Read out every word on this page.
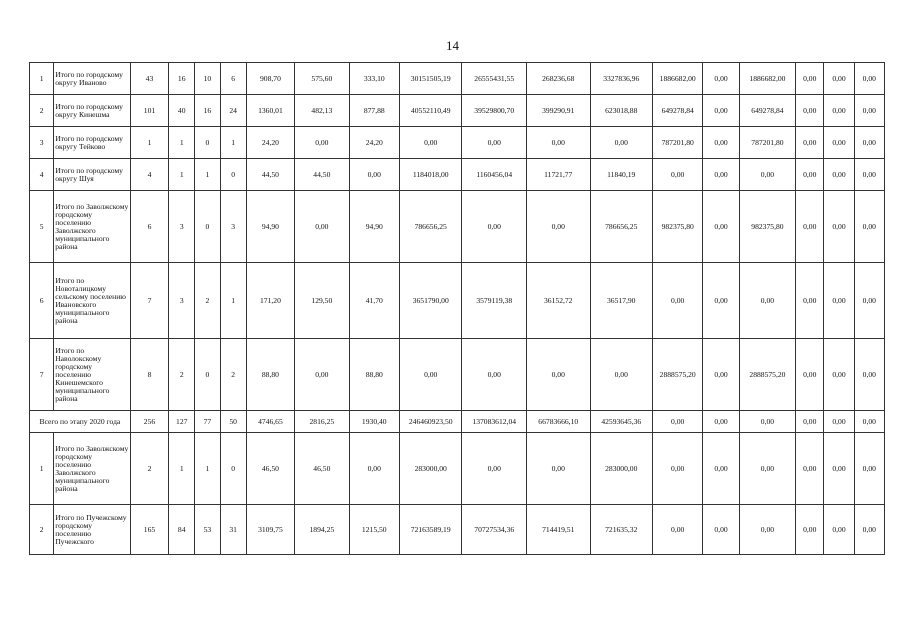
14
1	Итого по городскому округу Иваново	43	16	10	6	908,70	575,60	333,10	30151505,19	26555431,55	268236,68	3327836,96	1886682,00	0,00	1886682,00	0,00	0,00	0,00
2	Итого по городскому округу Кинешма	101	40	16	24	1360,01	482,13	877,88	40552110,49	39529800,70	399290,91	623018,88	649278,84	0,00	649278,84	0,00	0,00	0,00
3	Итого по городскому округу Тейково	1	1	0	1	24,20	0,00	24,20	0,00	0,00	0,00	0,00	787201,80	0,00	787201,80	0,00	0,00	0,00
4	Итого по городскому округу Шуя	4	1	1	0	44,50	44,50	0,00	1184018,00	1160456,04	11721,77	11840,19	0,00	0,00	0,00	0,00	0,00	0,00
5	Итого по Заволжскому городскому поселению Заволжского муниципального района	6	3	0	3	94,90	0,00	94,90	786656,25	0,00	0,00	786656,25	982375,80	0,00	982375,80	0,00	0,00	0,00
6	Итого по Новоталицкому сельскому поселению Ивановского муниципального района	7	3	2	1	171,20	129,50	41,70	3651790,00	3579119,38	36152,72	36517,90	0,00	0,00	0,00	0,00	0,00	0,00
7	Итого по Наволокскому городскому поселению Кинешемского муниципального района	8	2	0	2	88,80	0,00	88,80	0,00	0,00	0,00	0,00	2888575,20	0,00	2888575,20	0,00	0,00	0,00
Всего по этапу 2020 года		256	127	77	50	4746,65	2816,25	1930,40	246460923,50	137083612,04	66783666,10	42593645,36	0,00	0,00	0,00	0,00	0,00	0,00
1	Итого по Заволжскому городскому поселению Заволжского муниципального района	2	1	1	0	46,50	46,50	0,00	283000,00	0,00	0,00	283000,00	0,00	0,00	0,00	0,00	0,00	0,00
2	Итого по Пучежскому городскому поселению Пучежского	165	84	53	31	3109,75	1894,25	1215,50	72163589,19	70727534,36	714419,51	721635,32	0,00	0,00	0,00	0,00	0,00	0,00
